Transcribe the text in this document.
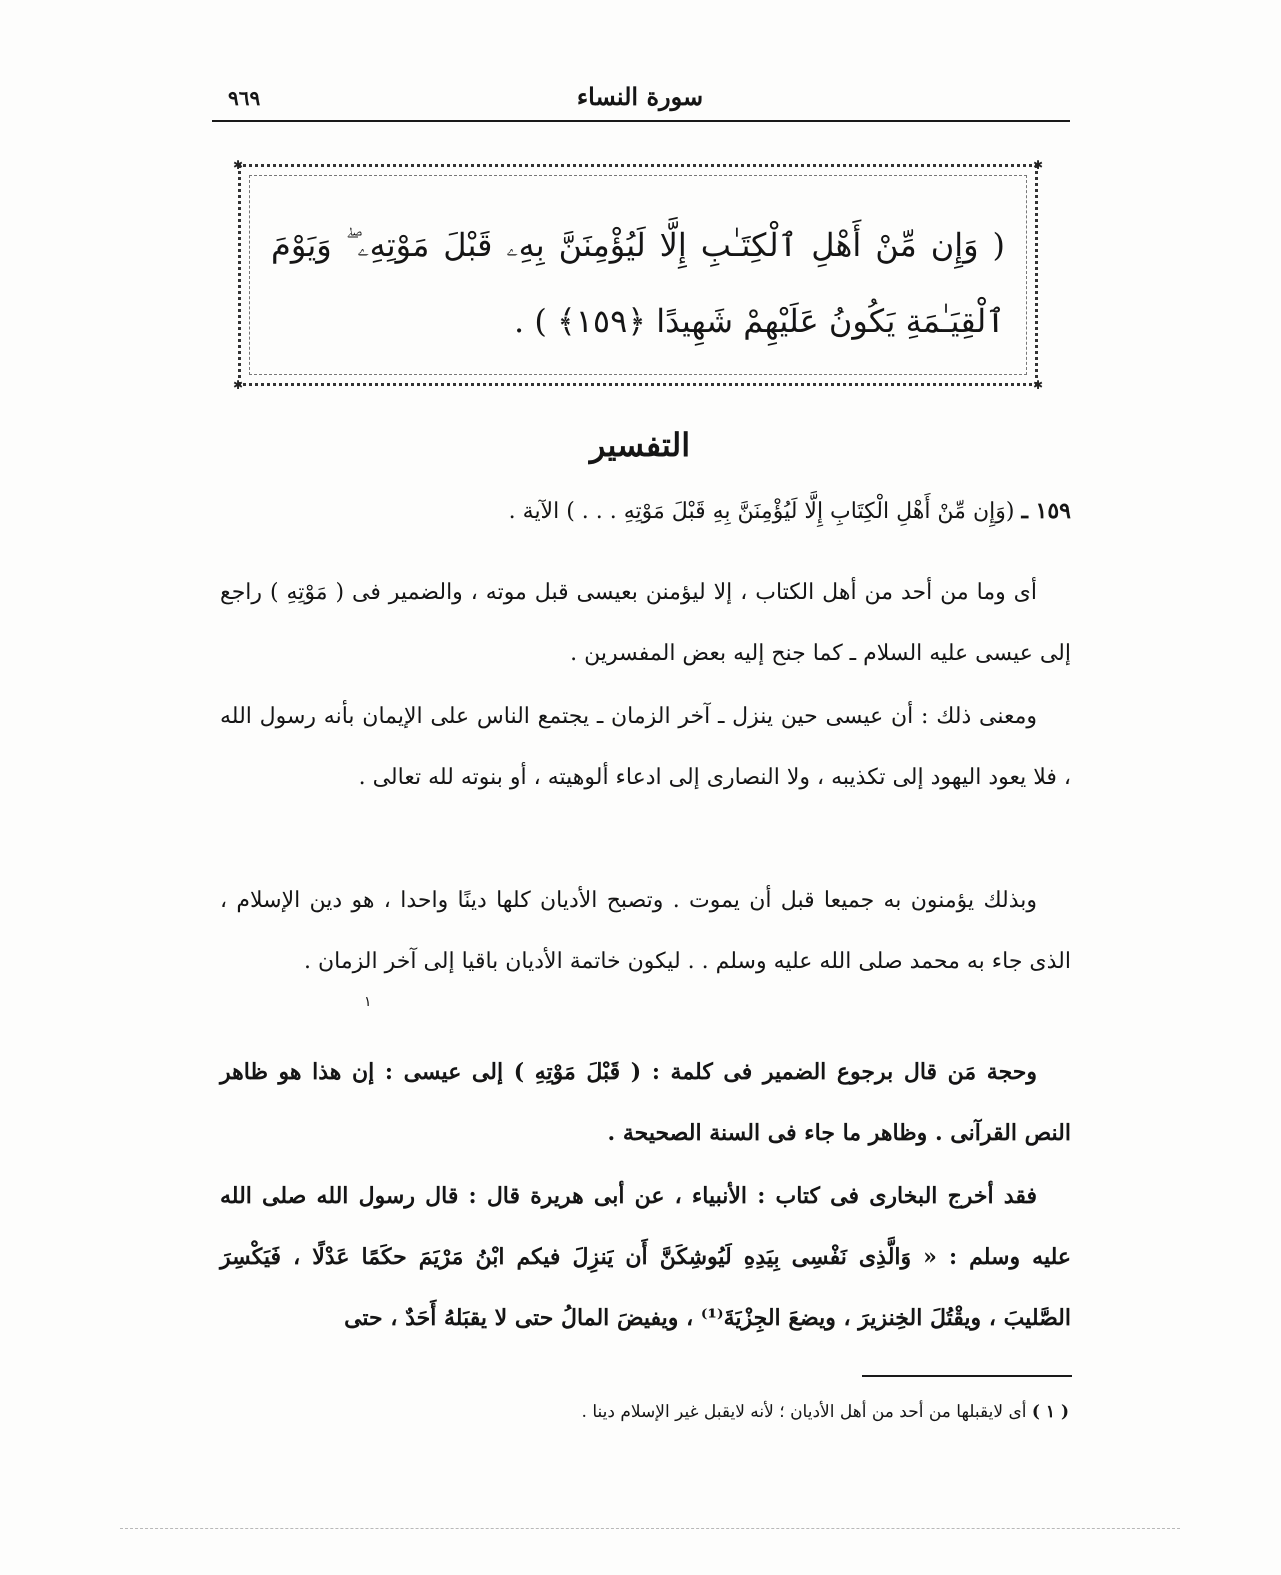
سورة النساء
٩٦٩
✱	✱
✱	✱
( وَإِن مِّنْ أَهْلِ ٱلْكِتَـٰبِ إِلَّا لَيُؤْمِنَنَّ بِهِۦ قَبْلَ مَوْتِهِۦ ۖ وَيَوْمَ ٱلْقِيَـٰمَةِ يَكُونُ عَلَيْهِمْ شَهِيدًا ﴿١٥٩﴾ ) .
التفسير
١٥٩ ـ (وَإِن مِّنْ أَهْلِ الْكِتَابِ إِلَّا لَيُؤْمِنَنَّ بِهِ قَبْلَ مَوْتِهِ . . . ) الآية .
أى وما من أحد من أهل الكتاب ، إلا ليؤمنن بعيسى قبل موته ، والضمير فى ( مَوْتِهِ ) راجع إلى عيسى عليه السلام ـ كما جنح إليه بعض المفسرين .
ومعنى ذلك : أن عيسى حين ينزل ـ آخر الزمان ـ يجتمع الناس على الإيمان بأنه رسول الله ، فلا يعود اليهود إلى تكذيبه ، ولا النصارى إلى ادعاء ألوهيته ، أو بنوته لله تعالى .
وبذلك يؤمنون به جميعا قبل أن يموت . وتصبح الأديان كلها دينًا واحدا ، هو دين الإسلام ، الذى جاء به محمد صلى الله عليه وسلم . . ليكون خاتمة الأديان باقيا إلى آخر الزمان .
١
وحجة مَن قال برجوع الضمير فى كلمة : ( قَبْلَ مَوْتِهِ ) إلى عيسى : إن هذا هو ظاهر النص القرآنى . وظاهر ما جاء فى السنة الصحيحة .
فقد أخرج البخارى فى كتاب : الأنبياء ، عن أبى هريرة قال : قال رسول الله صلى الله عليه وسلم : « وَالَّذِى نَفْسِى بِيَدِهِ لَيُوشِكَنَّ أَن يَنزِلَ فيكم ابْنُ مَرْيَمَ حكَمًا عَدْلًا ، فَيَكْسِرَ الصَّليبَ ، ويقْتُلَ الخِنزيرَ ، ويضعَ الجِزْيَةَ⁽¹⁾ ، ويفيضَ المالُ حتى لا يقبَلهُ أَحَدٌ ، حتى
( ١ ) أى لايقبلها من أحد من أهل الأديان ؛ لأنه لايقبل غير الإسلام دينا .
